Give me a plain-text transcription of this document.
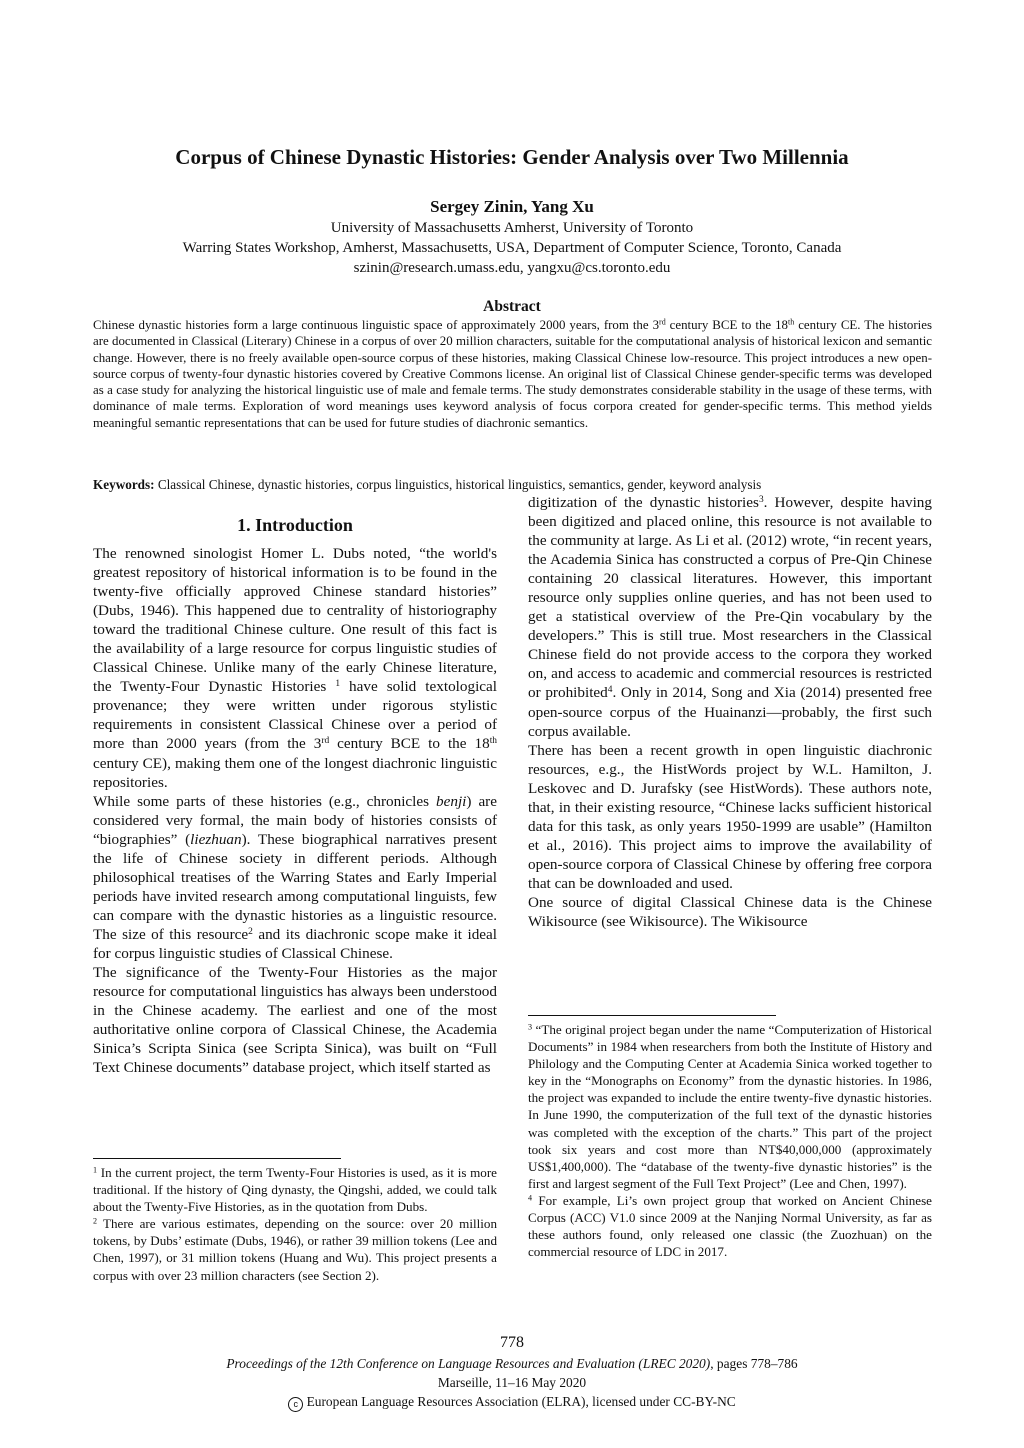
Corpus of Chinese Dynastic Histories: Gender Analysis over Two Millennia
Sergey Zinin, Yang Xu
University of Massachusetts Amherst, University of Toronto
Warring States Workshop, Amherst, Massachusetts, USA, Department of Computer Science, Toronto, Canada
szinin@research.umass.edu, yangxu@cs.toronto.edu
Abstract
Chinese dynastic histories form a large continuous linguistic space of approximately 2000 years, from the 3rd century BCE to the 18th century CE. The histories are documented in Classical (Literary) Chinese in a corpus of over 20 million characters, suitable for the computational analysis of historical lexicon and semantic change. However, there is no freely available open-source corpus of these histories, making Classical Chinese low-resource. This project introduces a new open-source corpus of twenty-four dynastic histories covered by Creative Commons license. An original list of Classical Chinese gender-specific terms was developed as a case study for analyzing the historical linguistic use of male and female terms. The study demonstrates considerable stability in the usage of these terms, with dominance of male terms. Exploration of word meanings uses keyword analysis of focus corpora created for gender-specific terms. This method yields meaningful semantic representations that can be used for future studies of diachronic semantics.
Keywords: Classical Chinese, dynastic histories, corpus linguistics, historical linguistics, semantics, gender, keyword analysis
1. Introduction

The renowned sinologist Homer L. Dubs noted, “the world's greatest repository of historical information is to be found in the twenty-five officially approved Chinese standard histories” (Dubs, 1946). This happened due to centrality of historiography toward the traditional Chinese culture. One result of this fact is the availability of a large resource for corpus linguistic studies of Classical Chinese. Unlike many of the early Chinese literature, the Twenty-Four Dynastic Histories $^1$ have solid textological provenance; they were written under rigorous stylistic requirements in consistent Classical Chinese over a period of more than 2000 years (from the 3rd century BCE to the 18th century CE), making them one of the longest diachronic linguistic repositories.

While some parts of these histories (e.g., chronicles benji) are considered very formal, the main body of histories consists of “biographies” (liezhuan). These biographical narratives present the life of Chinese society in different periods. Although philosophical treatises of the Warring States and Early Imperial periods have invited research among computational linguists, few can compare with the dynastic histories as a linguistic resource. The size of this resource$^2$ and its diachronic scope make it ideal for corpus linguistic studies of Classical Chinese.

The significance of the Twenty-Four Histories as the major resource for computational linguistics has always been understood in the Chinese academy. The earliest and one of the most authoritative online corpora of Classical Chinese, the Academia Sinica’s Scripta Sinica (see Scripta Sinica), was built on “Full Text Chinese documents” database project, which itself started as

digitization of the dynastic histories$^3$. However, despite having been digitized and placed online, this resource is not available to the community at large. As Li et al. (2012) wrote, “in recent years, the Academia Sinica has constructed a corpus of Pre-Qin Chinese containing 20 classical literatures. However, this important resource only supplies online queries, and has not been used to get a statistical overview of the Pre-Qin vocabulary by the developers.” This is still true. Most researchers in the Classical Chinese field do not provide access to the corpora they worked on, and access to academic and commercial resources is restricted or prohibited$^4$. Only in 2014, Song and Xia (2014) presented free open-source corpus of the Huainanzi—probably, the first such corpus available.

There has been a recent growth in open linguistic diachronic resources, e.g., the HistWords project by W.L. Hamilton, J. Leskovec and D. Jurafsky (see HistWords). These authors note, that, in their existing resource, “Chinese lacks sufficient historical data for this task, as only years 1950-1999 are usable” (Hamilton et al., 2016). This project aims to improve the availability of open-source corpora of Classical Chinese by offering free corpora that can be downloaded and used.

One source of digital Classical Chinese data is the Chinese Wikisource (see Wikisource). The Wikisource

$^1$ In the current project, the term Twenty-Four Histories is used, as it is more traditional. If the history of Qing dynasty, the Qingshi, added, we could talk about the Twenty-Five Histories, as in the quotation from Dubs.

$^2$ There are various estimates, depending on the source: over 20 million tokens, by Dubs’ estimate (Dubs, 1946), or rather 39 million tokens (Lee and Chen, 1997), or 31 million tokens (Huang and Wu). This project presents a corpus with over 23 million characters (see Section 2).

$^3$ “The original project began under the name “Computerization of Historical Documents” in 1984 when researchers from both the Institute of History and Philology and the Computing Center at Academia Sinica worked together to key in the “Monographs on Economy” from the dynastic histories. In 1986, the project was expanded to include the entire twenty-five dynastic histories. In June 1990, the computerization of the full text of the dynastic histories was completed with the exception of the charts.” This part of the project took six years and cost more than NT$40,000,000 (approximately US$1,400,000). The “database of the twenty-five dynastic histories” is the first and largest segment of the Full Text Project” (Lee and Chen, 1997).

$^4$ For example, Li’s own project group that worked on Ancient Chinese Corpus (ACC) V1.0 since 2009 at the Nanjing Normal University, as far as these authors found, only released one classic (the Zuozhuan) on the commercial resource of LDC in 2017.

778
Proceedings of the 12th Conference on Language Resources and Evaluation (LREC 2020), pages 778–786
Marseille, 11–16 May 2020
c European Language Resources Association (ELRA), licensed under CC-BY-NC
